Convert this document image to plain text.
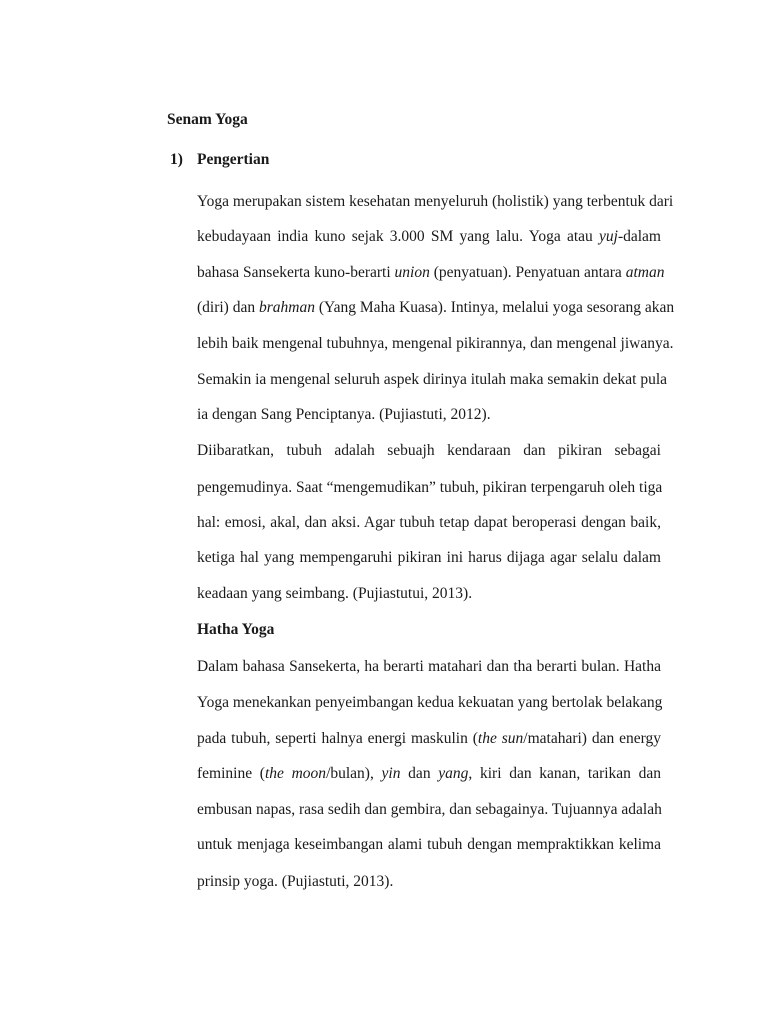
Senam Yoga
1) Pengertian
Hatha Yoga
Yoga merupakan sistem kesehatan menyeluruh (holistik) yang terbentuk dari
kebudayaan india kuno sejak 3.000 SM yang lalu. Yoga atau yuj-dalam
bahasa Sansekerta kuno-berarti union (penyatuan). Penyatuan antara atman
(diri) dan brahman (Yang Maha Kuasa). Intinya, melalui yoga sesorang akan
lebih baik mengenal tubuhnya, mengenal pikirannya, dan mengenal jiwanya.
Semakin ia mengenal seluruh aspek dirinya itulah maka semakin dekat pula
ia dengan Sang Penciptanya. (Pujiastuti, 2012).
Diibaratkan, tubuh adalah sebuajh kendaraan dan pikiran sebagai
pengemudinya. Saat “mengemudikan” tubuh, pikiran terpengaruh oleh tiga
hal: emosi, akal, dan aksi. Agar tubuh tetap dapat beroperasi dengan baik,
ketiga hal yang mempengaruhi pikiran ini harus dijaga agar selalu dalam
keadaan yang seimbang. (Pujiastutui, 2013).
Dalam bahasa Sansekerta, ha berarti matahari dan tha berarti bulan. Hatha
Yoga menekankan penyeimbangan kedua kekuatan yang bertolak belakang
pada tubuh, seperti halnya energi maskulin (the sun/matahari) dan energy
feminine (the moon/bulan), yin dan yang, kiri dan kanan, tarikan dan
embusan napas, rasa sedih dan gembira, dan sebagainya. Tujuannya adalah
untuk menjaga keseimbangan alami tubuh dengan mempraktikkan kelima
prinsip yoga. (Pujiastuti, 2013).
